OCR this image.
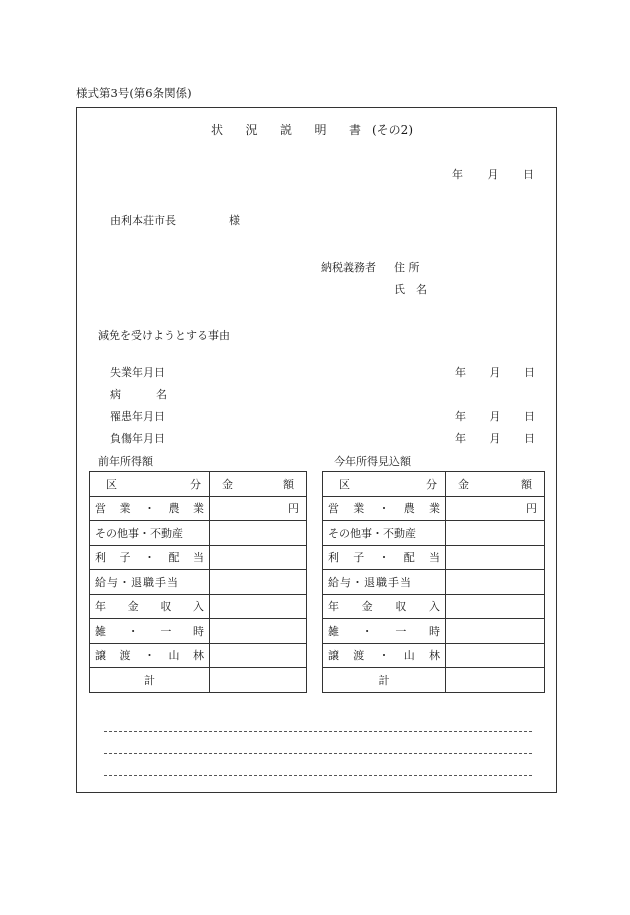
様式第3号(第6条関係)
状 況 説 明 書 (その2)
年 月 日
由利本荘市長	様
納税義務者 住 所
氏 名
減免を受けようとする事由
失業年月日	年 月 日
病	名
罹患年月日	年 月 日
負傷年月日	年 月 日
前年所得額	今年所得見込額
区 分	金 額

営 業 ・ 農 業	円
その他事・不動産	

利 子 ・ 配 当	

給与・退職手当	

年 金 収 入	

雑 ・ 一 時	

譲 渡 ・ 山 林	

計	
区 分	金 額

営 業 ・ 農 業	円
その他事・不動産	

利 子 ・ 配 当	

給与・退職手当	

年 金 収 入	

雑 ・ 一 時	

譲 渡 ・ 山 林	

計	
